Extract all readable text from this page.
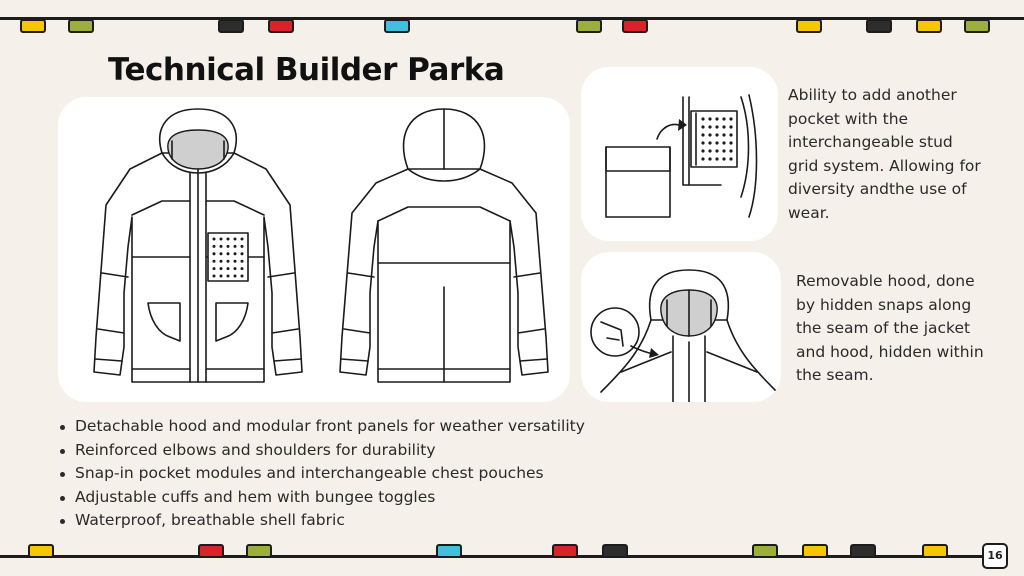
Technical Builder Parka
Ability to add another pocket with the interchangeable stud grid system. Allowing for diversity andthe use of wear.
Removable hood, done by hidden snaps along the seam of the jacket and hood, hidden within the seam.
Detachable hood and modular front panels for weather versatility
Reinforced elbows and shoulders for durability
Snap-in pocket modules and interchangeable chest pouches
Adjustable cuffs and hem with bungee toggles
Waterproof, breathable shell fabric
16
